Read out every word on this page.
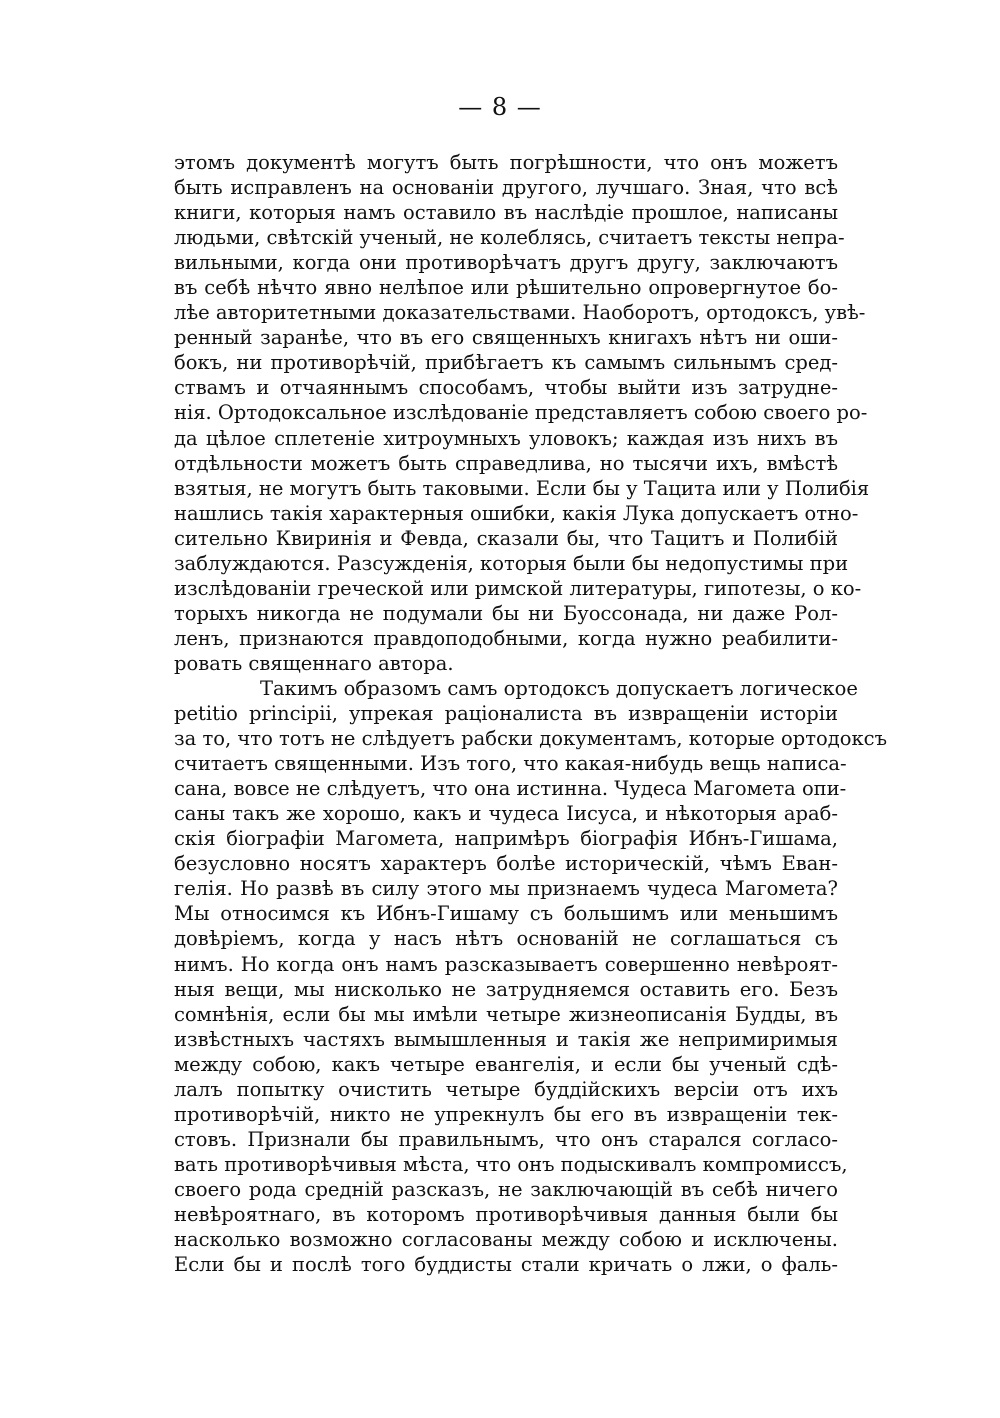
— 8 —
этомъ документѣ могутъ быть погрѣшности, что онъ можетъ
быть исправленъ на основаніи другого, лучшаго. Зная, что всѣ
книги, которыя намъ оставило въ наслѣдіе прошлое, написаны
людьми, свѣтскій ученый, не колеблясь, считаетъ тексты непра-
вильными, когда они противорѣчатъ другъ другу, заключаютъ
въ себѣ нѣчто явно нелѣпое или рѣшительно опровергнутое бо-
лѣе авторитетными доказательствами. Наоборотъ, ортодоксъ, увѣ-
ренный заранѣе, что въ его священныхъ книгахъ нѣтъ ни оши-
бокъ, ни противорѣчій, прибѣгаетъ къ самымъ сильнымъ сред-
ствамъ и отчаяннымъ способамъ, чтобы выйти изъ затрудне-
нія. Ортодоксальное изслѣдованіе представляетъ собою своего ро-
да цѣлое сплетеніе хитроумныхъ уловокъ; каждая изъ нихъ въ
отдѣльности можетъ быть справедлива, но тысячи ихъ, вмѣстѣ
взятыя, не могутъ быть таковыми. Если бы у Тацита или у Полибія
нашлись такія характерныя ошибки, какія Лука допускаетъ отно-
сительно Квиринія и Февда, сказали бы, что Тацитъ и Полибій
заблуждаются. Разсужденія, которыя были бы недопустимы при
изслѣдованіи греческой или римской литературы, гипотезы, о ко-
торыхъ никогда не подумали бы ни Буоссонада, ни даже Рол-
ленъ, признаются правдоподобными, когда нужно реабилити-
ровать священнаго автора.
Такимъ образомъ самъ ортодоксъ допускаетъ логическое
petitio principii, упрекая раціоналиста въ извращеніи исторіи
за то, что тотъ не слѣдуетъ рабски документамъ, которые ортодоксъ
считаетъ священными. Изъ того, что какая-нибудь вещь написа-
сана, вовсе не слѣдуетъ, что она истинна. Чудеса Магомета опи-
саны такъ же хорошо, какъ и чудеса Іисуса, и нѣкоторыя араб-
скія біографіи Магомета, напримѣръ біографія Ибнъ-Гишама,
безусловно носятъ характеръ болѣе историческій, чѣмъ Еван-
гелія. Но развѣ въ силу этого мы признаемъ чудеса Магомета?
Мы относимся къ Ибнъ-Гишаму съ большимъ или меньшимъ
довѣріемъ, когда у насъ нѣтъ основаній не соглашаться съ
нимъ. Но когда онъ намъ разсказываетъ совершенно невѣроят-
ныя вещи, мы нисколько не затрудняемся оставить его. Безъ
сомнѣнія, если бы мы имѣли четыре жизнеописанія Будды, въ
извѣстныхъ частяхъ вымышленныя и такія же непримиримыя
между собою, какъ четыре евангелія, и если бы ученый сдѣ-
лалъ попытку очистить четыре буддійскихъ версіи отъ ихъ
противорѣчій, никто не упрекнулъ бы его въ извращеніи тек-
стовъ. Признали бы правильнымъ, что онъ старался согласо-
вать противорѣчивыя мѣста, что онъ подыскивалъ компромиссъ,
своего рода средній разсказъ, не заключающій въ себѣ ничего
невѣроятнаго, въ которомъ противорѣчивыя данныя были бы
насколько возможно согласованы между собою и исключены.
Если бы и послѣ того буддисты стали кричать о лжи, о фаль-
